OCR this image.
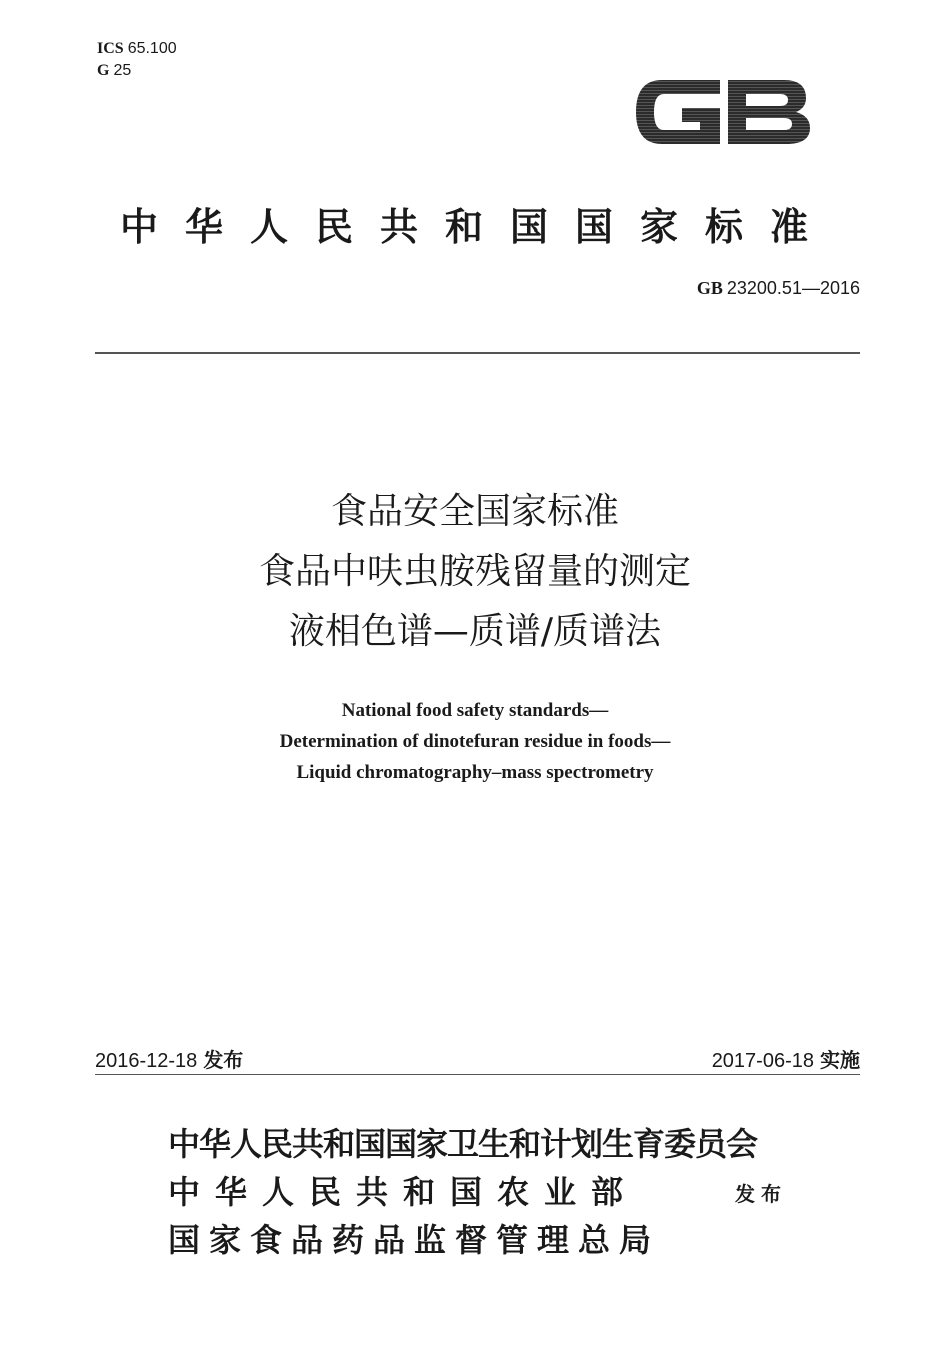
ICS 65.100
G 25
中华人民共和国国家标准
GB 23200.51—2016
食品安全国家标准
食品中呋虫胺残留量的测定
液相色谱—质谱/质谱法
National food safety standards—
Determination of dinotefuran residue in foods—
Liquid chromatography–mass spectrometry
2016-12-18 发布	2017-06-18 实施
中华人民共和国国家卫生和计划生育委员会
中华人民共和国农业部
国家食品药品监督管理总局
发布
